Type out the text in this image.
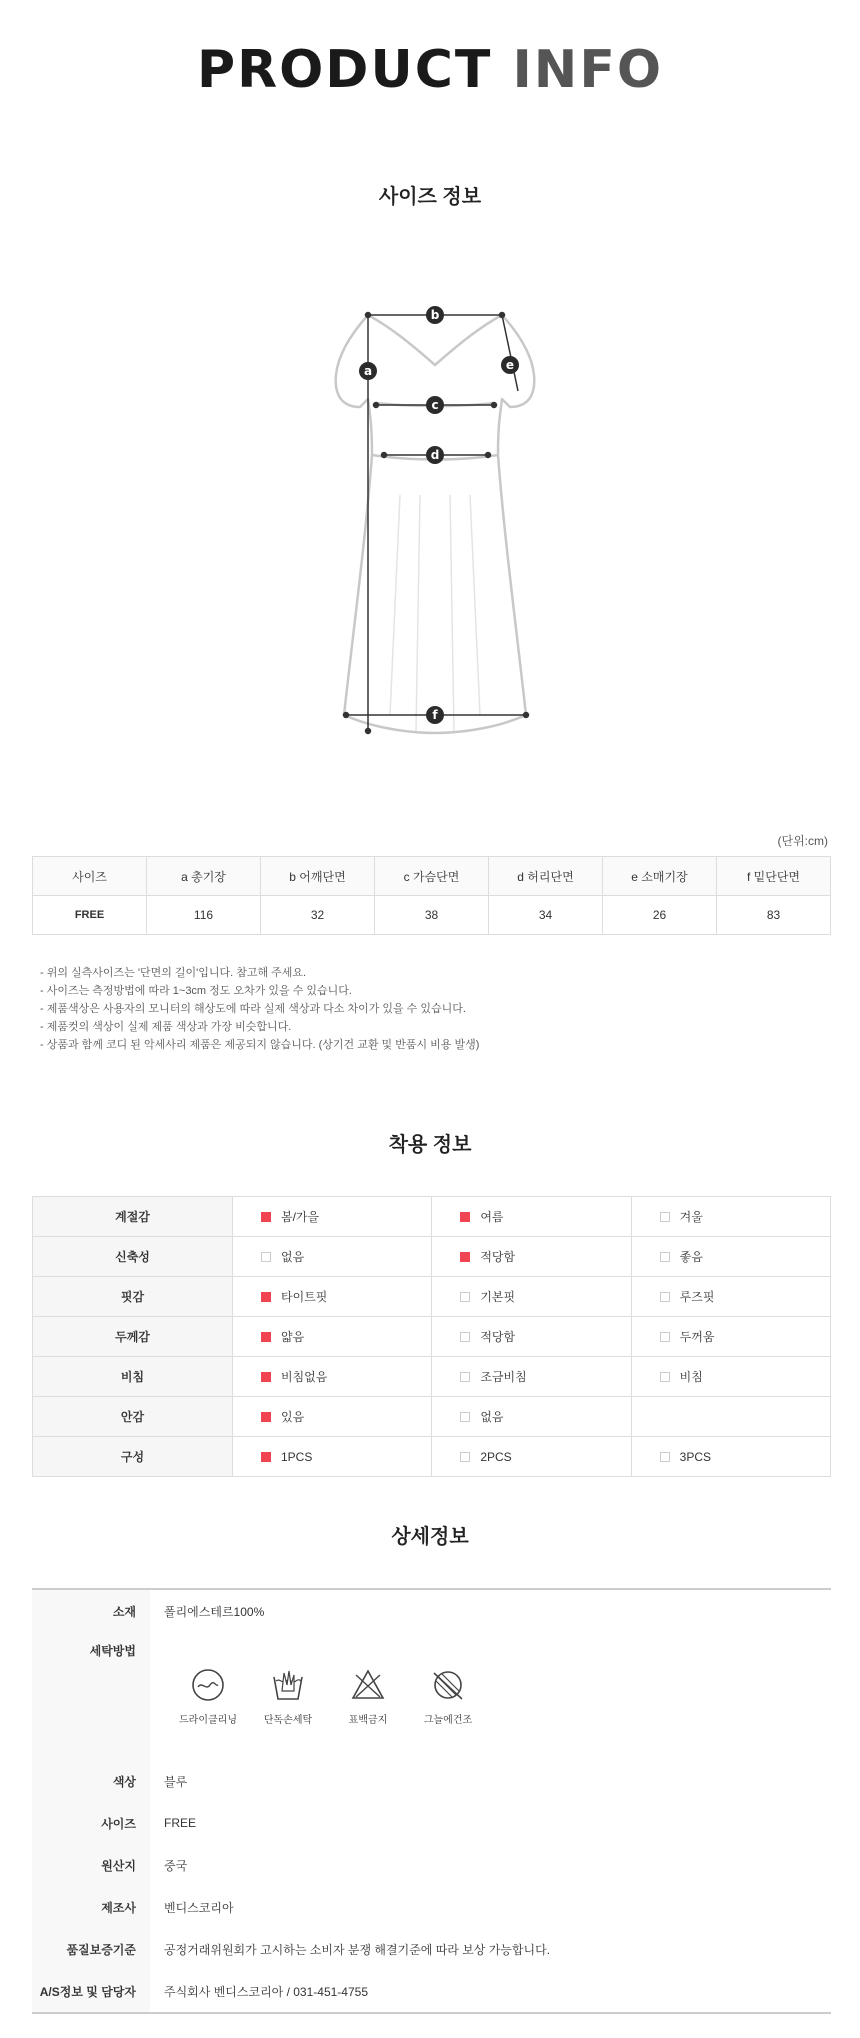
PRODUCT INFO
사이즈 정보
b
a	e
c
d
f
(단위:cm)
사이즈	a 총기장	b 어깨단면	c 가슴단면	d 허리단면	e 소매기장	f 밑단단면
FREE	116	32	38	34	26	83
- 위의 실측사이즈는 '단면의 길이'입니다. 참고해 주세요.
- 사이즈는 측정방법에 따라 1~3cm 정도 오차가 있을 수 있습니다.
- 제품색상은 사용자의 모니터의 해상도에 따라 실제 색상과 다소 차이가 있을 수 있습니다.
- 제품컷의 색상이 실제 제품 색상과 가장 비슷합니다.
- 상품과 함께 코디 된 악세사리 제품은 제공되지 않습니다. (상기건 교환 및 반품시 비용 발생)
착용 정보
계절감	봄/가을	여름	겨울
신축성	없음	적당함	좋음
핏감	타이트핏	기본핏	루즈핏
두께감	얇음	적당함	두꺼움
비침	비침없음	조금비침	비침
안감	있음	없음	
구성	1PCS	2PCS	3PCS
상세정보
소재	폴리에스테르100%
세탁방법	드라이클리닝 단독손세탁 표백금지 그늘에건조

색상	블루
사이즈	FREE
원산지	중국
제조사	벤디스코리아
품질보증기준	공정거래위원회가 고시하는 소비자 분쟁 해결기준에 따라 보상 가능합니다.
A/S정보 및 담당자	주식회사 벤디스코리아 / 031-451-4755
